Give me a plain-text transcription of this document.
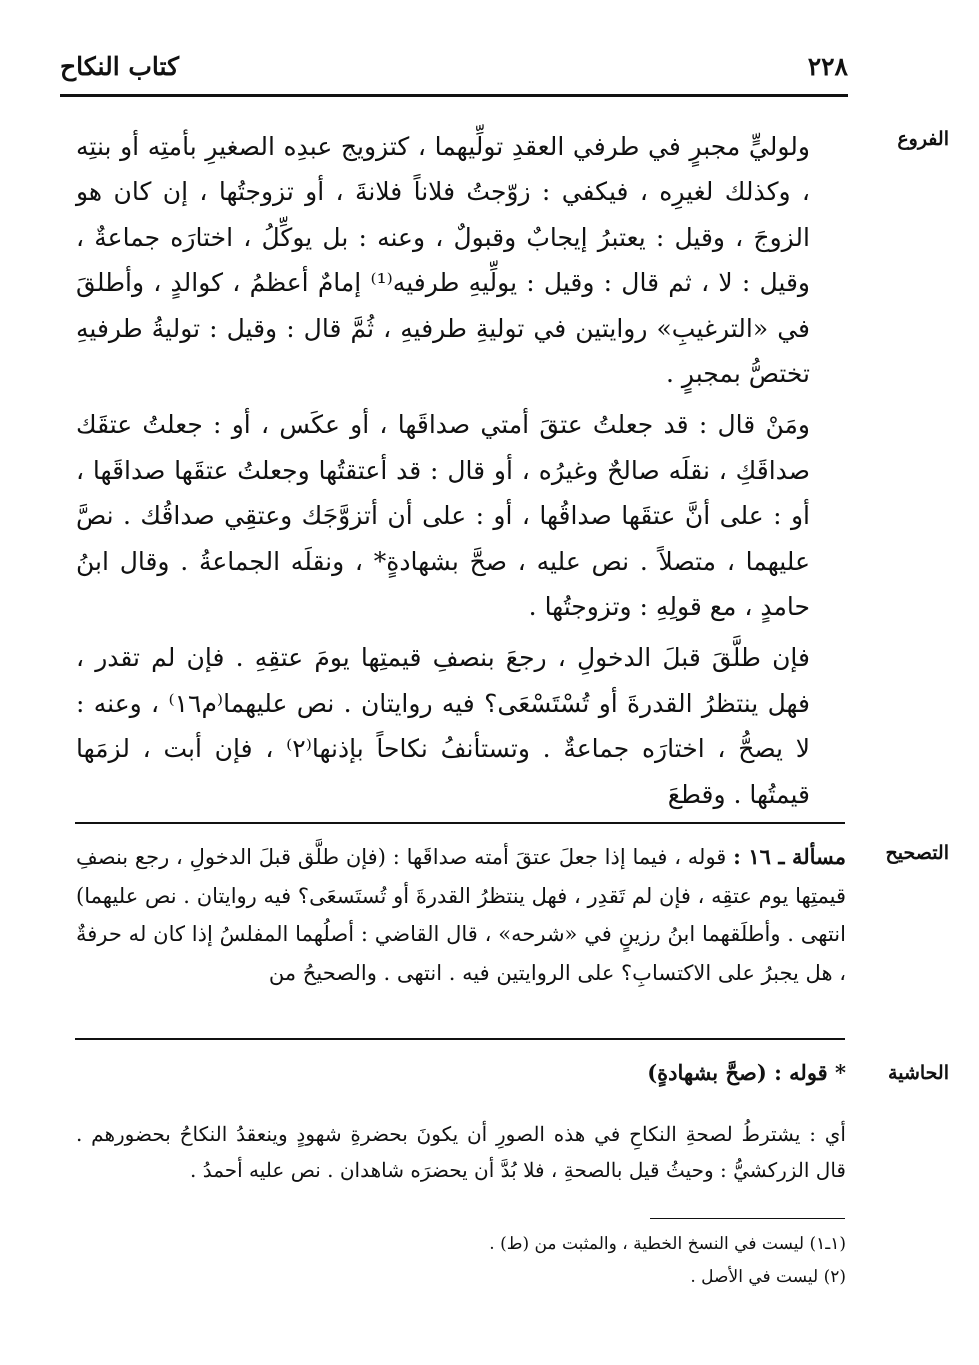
٢٢٨
كتاب النكاح
الفروع

ولوليٍّ مجبرٍ في طرفي العقدِ تولِّيهما ، كتزويج عبدِه الصغيرِ بأمتِه أو بنتِه ، وكذلك لغيرِه ، فيكفي : زوّجتُ فلاناً فلانةَ ، أو تزوجتُها ، إن كان هو الزوجَ ، وقيل : يعتبرُ إيجابٌ وقبولٌ ، وعنه : بل يوكِّلُ ، اختارَه جماعةٌ ، وقيل : لا ، ثم قال : وقيل : يولِّيهِ طرفيه⁽¹⁾ إمامٌ أعظمُ ، كوالدٍ ، وأطلقَ في «الترغيبِ» روايتين في توليةِ طرفيهِ ، ثُمَّ قال : وقيل : توليةُ طرفيهِ تختصُّ بمجبرٍ .

ومَنْ قال : قد جعلتُ عتقَ أمتي صداقَها ، أو عكَس ، أو : جعلتُ عتقَك صداقَكِ ، نقلَه صالحٌ وغيرُه ، أو قال : قد أعتقتُها وجعلتُ عتقَها صداقَها ، أو : على أنَّ عتقَها صداقُها ، أو : على أن أتزوَّجَك وعتقِي صداقُك . نصَّ عليهما ، متصلاً . نص عليه ، صحَّ بشهادةٍ* ، ونقلَه الجماعةُ . وقال ابنُ حامدٍ ، مع قولِهِ : وتزوجتُها .

فإن طلَّقَ قبلَ الدخولِ ، رجعَ بنصفِ قيمتِها يومَ عتقِهِ . فإن لم تقدر ، فهل ينتظرُ القدرةَ أو تُسْتَسْعَى؟ فيه روايتان . نص عليهما⁽م١٦⁾ ، وعنه : لا يصحُّ ، اختارَه جماعةٌ . وتستأنفُ نكاحاً بإذنها⁽٢⁾ ، فإن أبت ، لزمَها قيمتُها . وقطعَ

التصحيح
مسألة ـ ١٦ : قوله ، فيما إذا جعلَ عتقَ أمته صداقَها : (فإن طلَّق قبلَ الدخولِ ، رجع بنصفِ قيمتِها يوم عتقِه ، فإن لم تَقدِر ، فهل ينتظرُ القدرةَ أو تُستَسعَى؟ فيه روايتان . نص عليهما) انتهى . وأطلَقهما ابنُ رزينٍ في «شرحه» ، قال القاضي : أصلُهما المفلسُ إذا كان له حرفةٌ ، هل يجبرُ على الاكتسابِ؟ على الروايتين فيه . انتهى . والصحيحُ من
الحاشية
* قوله : (صحَّ بشهادةٍ)
أي : يشترطُ لصحةِ النكاحِ في هذه الصورِ أن يكونَ بحضرةِ شهودٍ وينعقدُ النكاحُ بحضورهم . قال الزركشيُّ : وحيثُ قيل بالصحةِ ، فلا بُدَّ أن يحضرَه شاهدان . نص عليه أحمدُ .
(١ـ١) ليست في النسخ الخطية ، والمثبت من (ط) .
(٢) ليست في الأصل .
